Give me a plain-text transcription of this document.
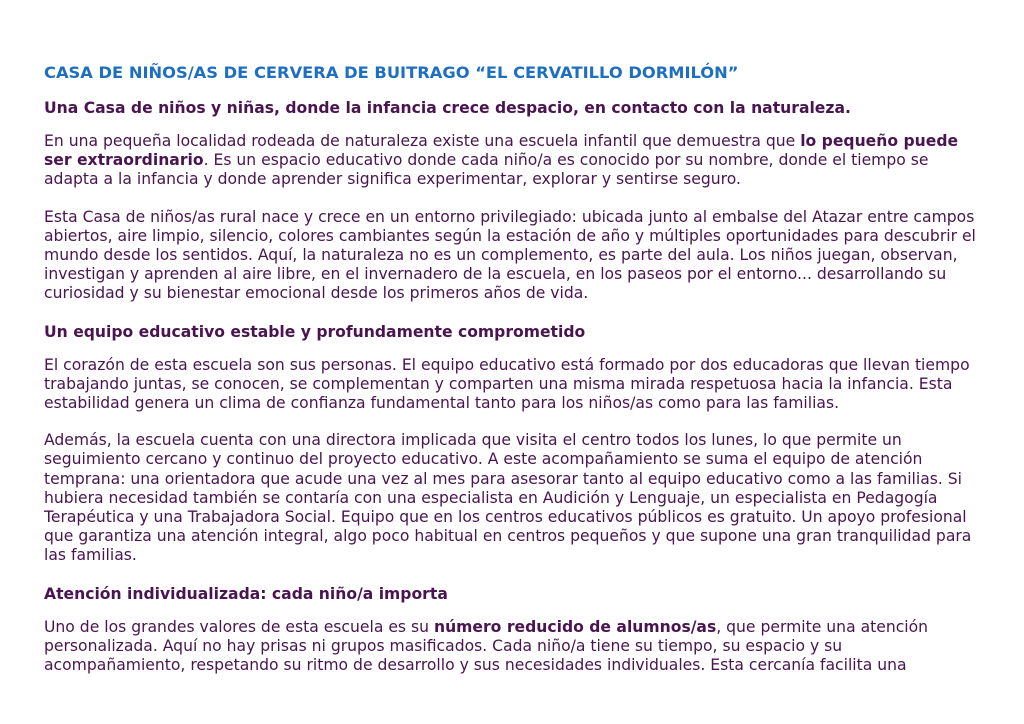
CASA DE NIÑOS/AS DE CERVERA DE BUITRAGO “EL CERVATILLO DORMILÓN”
Una Casa de niños y niñas, donde la infancia crece despacio, en contacto con la naturaleza.

En una pequeña localidad rodeada de naturaleza existe una escuela infantil que demuestra que lo pequeño puede ser extraordinario. Es un espacio educativo donde cada niño/a es conocido por su nombre, donde el tiempo se adapta a la infancia y donde aprender significa experimentar, explorar y sentirse seguro.

Esta Casa de niños/as rural nace y crece en un entorno privilegiado: ubicada junto al embalse del Atazar entre campos abiertos, aire limpio, silencio, colores cambiantes según la estación de año y múltiples oportunidades para descubrir el mundo desde los sentidos. Aquí, la naturaleza no es un complemento, es parte del aula. Los niños juegan, observan, investigan y aprenden al aire libre, en el invernadero de la escuela, en los paseos por el entorno... desarrollando su curiosidad y su bienestar emocional desde los primeros años de vida.

Un equipo educativo estable y profundamente comprometido

El corazón de esta escuela son sus personas. El equipo educativo está formado por dos educadoras que llevan tiempo trabajando juntas, se conocen, se complementan y comparten una misma mirada respetuosa hacia la infancia. Esta estabilidad genera un clima de confianza fundamental tanto para los niños/as como para las familias.

Además, la escuela cuenta con una directora implicada que visita el centro todos los lunes, lo que permite un seguimiento cercano y continuo del proyecto educativo. A este acompañamiento se suma el equipo de atención temprana: una orientadora que acude una vez al mes para asesorar tanto al equipo educativo como a las familias. Si hubiera necesidad también se contaría con una especialista en Audición y Lenguaje, un especialista en Pedagogía Terapéutica y una Trabajadora Social. Equipo que en los centros educativos públicos es gratuito. Un apoyo profesional que garantiza una atención integral, algo poco habitual en centros pequeños y que supone una gran tranquilidad para las familias.

Atención individualizada: cada niño/a importa

Uno de los grandes valores de esta escuela es su número reducido de alumnos/as, que permite una atención personalizada. Aquí no hay prisas ni grupos masificados. Cada niño/a tiene su tiempo, su espacio y su acompañamiento, respetando su ritmo de desarrollo y sus necesidades individuales. Esta cercanía facilita una
